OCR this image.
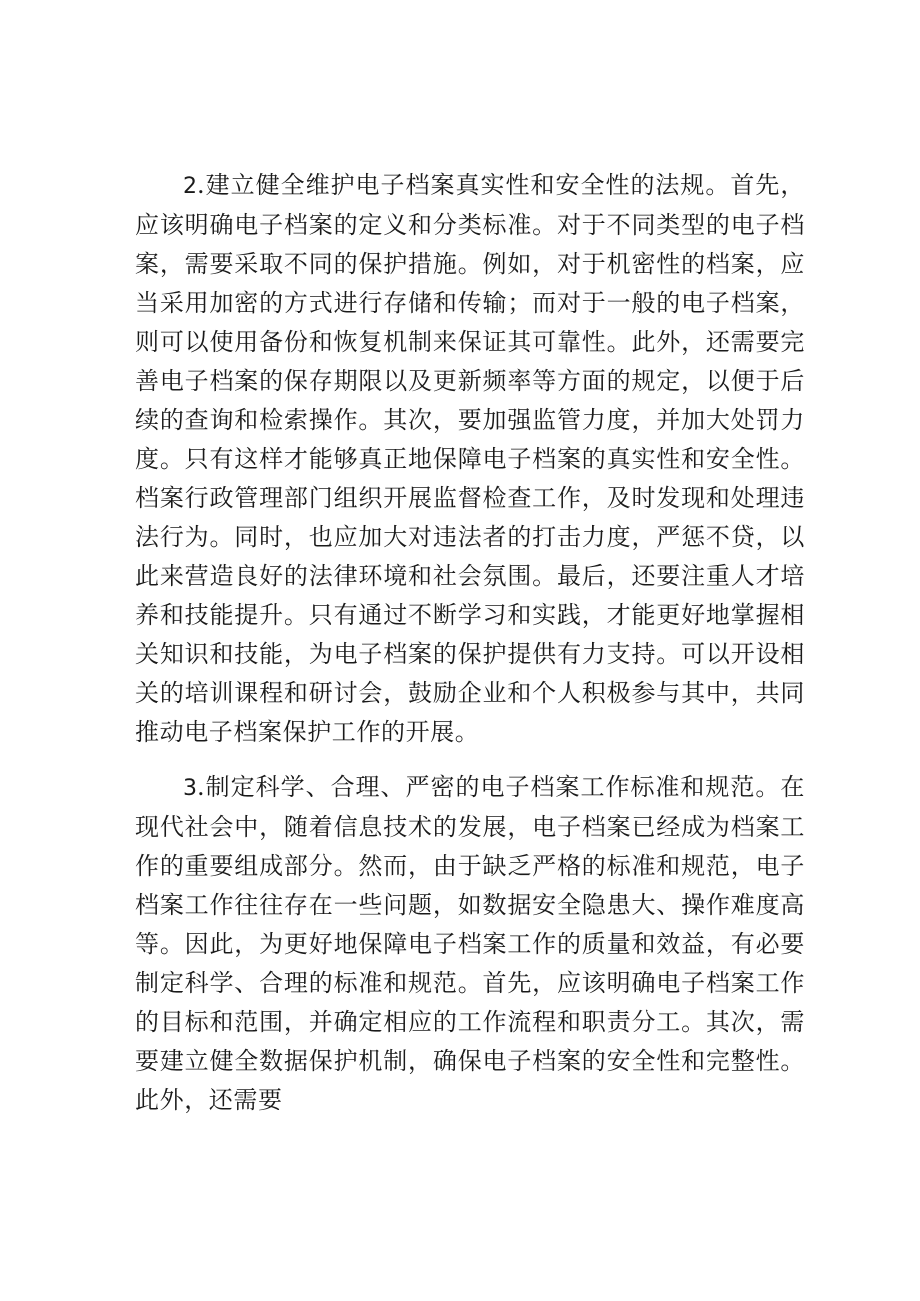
2.建立健全维护电子档案真实性和安全性的法规。首先，应该明确电子档案的定义和分类标准。对于不同类型的电子档案，需要采取不同的保护措施。例如，对于机密性的档案，应当采用加密的方式进行存储和传输；而对于一般的电子档案，则可以使用备份和恢复机制来保证其可靠性。此外，还需要完善电子档案的保存期限以及更新频率等方面的规定，以便于后续的查询和检索操作。其次，要加强监管力度，并加大处罚力度。只有这样才能够真正地保障电子档案的真实性和安全性。档案行政管理部门组织开展监督检查工作，及时发现和处理违法行为。同时，也应加大对违法者的打击力度，严惩不贷，以此来营造良好的法律环境和社会氛围。最后，还要注重人才培养和技能提升。只有通过不断学习和实践，才能更好地掌握相关知识和技能，为电子档案的保护提供有力支持。可以开设相关的培训课程和研讨会，鼓励企业和个人积极参与其中，共同推动电子档案保护工作的开展。

3.制定科学、合理、严密的电子档案工作标准和规范。在现代社会中，随着信息技术的发展，电子档案已经成为档案工作的重要组成部分。然而，由于缺乏严格的标准和规范，电子档案工作往往存在一些问题，如数据安全隐患大、操作难度高等。因此，为更好地保障电子档案工作的质量和效益，有必要制定科学、合理的标准和规范。首先，应该明确电子档案工作的目标和范围，并确定相应的工作流程和职责分工。其次，需要建立健全数据保护机制，确保电子档案的安全性和完整性。此外，还需要
